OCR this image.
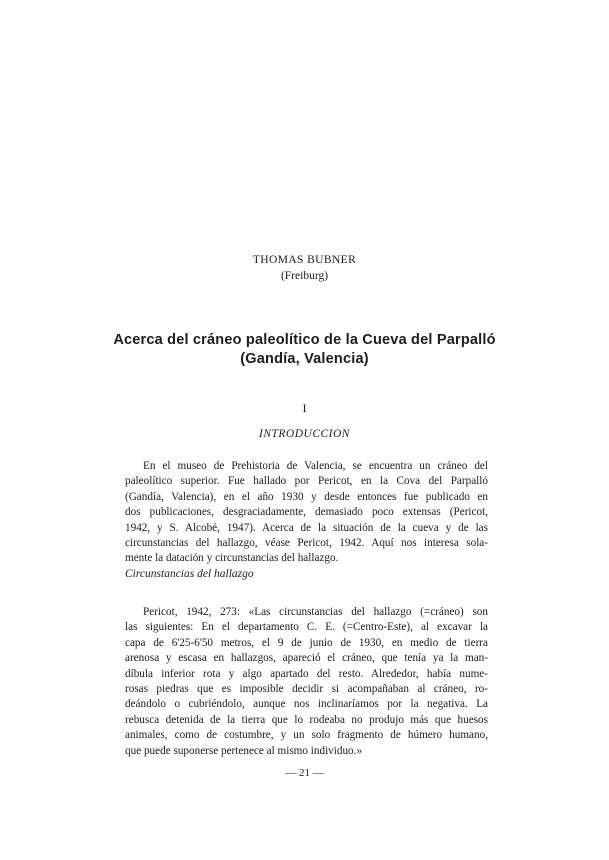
THOMAS BUBNER
(Freiburg)
Acerca del cráneo paleolítico de la Cueva del Parpalló
(Gandía, Valencia)
I
INTRODUCCION
En el museo de Prehistoria de Valencia, se encuentra un cráneo del
paleolítico superior. Fue hallado por Pericot, en la Cova del Parpalló
(Gandía, Valencia), en el año 1930 y desde entonces fue publicado en
dos publicaciones, desgraciadamente, demasiado poco extensas (Pericot,
1942, y S. Alcobé, 1947). Acerca de la situación de la cueva y de las
circunstancias del hallazgo, véase Pericot, 1942. Aquí nos interesa sola-
mente la datación y circunstancias del hallazgo.
Circunstancias del hallazgo
Pericot, 1942, 273: «Las circunstancias del hallazgo (=cráneo) son
las siguientes: En el departamento C. E. (=Centro-Este), al excavar la
capa de 6'25-6'50 metros, el 9 de junio de 1930, en medio de tierra
arenosa y escasa en hallazgos, apareció el cráneo, que tenía ya la man-
díbula inferior rota y algo apartado del resto. Alrededor, había nume-
rosas piedras que es imposible decidir si acompañaban al cráneo, ro-
deándolo o cubriéndolo, aunque nos inclinaríamos por la negativa. La
rebusca detenida de la tierra que lo rodeaba no produjo más que huesos
animales, como de costumbre, y un solo fragmento de húmero humano,
que puede suponerse pertenece al mismo individuo.»
— 21 —
